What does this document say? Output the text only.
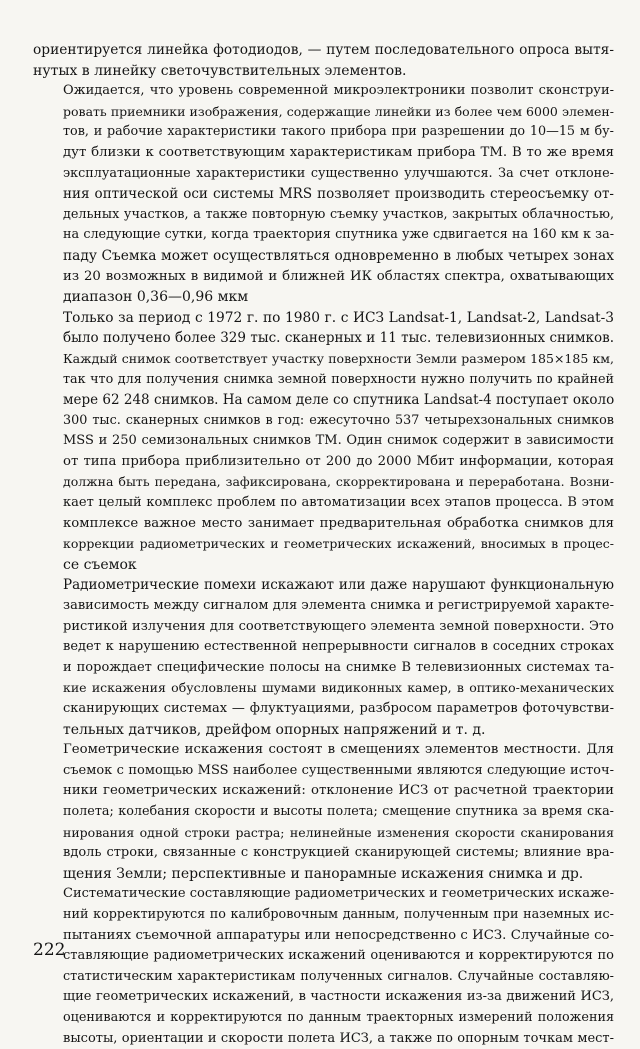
ориентируется линейка фотодиодов, — путем последовательного опроса вытя-
нутых в линейку светочувствительных элементов.
Ожидается, что уровень современной микроэлектроники позволит сконструи-
ровать приемники изображения, содержащие линейки из более чем 6000 элемен-
тов, и рабочие характеристики такого прибора при разрешении до 10—15 м бу-
дут близки к соответствующим характеристикам прибора ТМ. В то же время
эксплуатационные характеристики существенно улучшаются. За счет отклоне-
ния оптической оси системы MRS позволяет производить стереосъемку от-
дельных участков, а также повторную съемку участков, закрытых облачностью,
на следующие сутки, когда траектория спутника уже сдвигается на 160 км к за-
паду Съемка может осуществляться одновременно в любых четырех зонах
из 20 возможных в видимой и ближней ИК областях спектра, охватывающих
диапазон 0,36—0,96 мкм
Только за период с 1972 г. по 1980 г. с ИСЗ Landsat-1, Landsat-2, Landsat-3
было получено более 329 тыс. сканерных и 11 тыс. телевизионных снимков.
Каждый снимок соответствует участку поверхности Земли размером 185×185 км,
так что для получения снимка земной поверхности нужно получить по крайней
мере 62 248 снимков. На самом деле со спутника Landsat-4 поступает около
300 тыс. сканерных снимков в год: ежесуточно 537 четырехзональных снимков
MSS и 250 семизональных снимков ТМ. Один снимок содержит в зависимости
от типа прибора приблизительно от 200 до 2000 Мбит информации, которая
должна быть передана, зафиксирована, скорректирована и переработана. Возни-
кает целый комплекс проблем по автоматизации всех этапов процесса. В этом
комплексе важное место занимает предварительная обработка снимков для
коррекции радиометрических и геометрических искажений, вносимых в процес-
се съемок
Радиометрические помехи искажают или даже нарушают функциональную
зависимость между сигналом для элемента снимка и регистрируемой характе-
ристикой излучения для соответствующего элемента земной поверхности. Это
ведет к нарушению естественной непрерывности сигналов в соседних строках
и порождает специфические полосы на снимке В телевизионных системах та-
кие искажения обусловлены шумами видиконных камер, в оптико-механических
сканирующих системах — флуктуациями, разбросом параметров фоточувстви-
тельных датчиков, дрейфом опорных напряжений и т. д.
Геометрические искажения состоят в смещениях элементов местности. Для
съемок с помощью MSS наиболее существенными являются следующие источ-
ники геометрических искажений: отклонение ИСЗ от расчетной траектории
полета; колебания скорости и высоты полета; смещение спутника за время ска-
нирования одной строки растра; нелинейные изменения скорости сканирования
вдоль строки, связанные с конструкцией сканирующей системы; влияние вра-
щения Земли; перспективные и панорамные искажения снимка и др.
Систематические составляющие радиометрических и геометрических искаже-
ний корректируются по калибровочным данным, полученным при наземных ис-
пытаниях съемочной аппаратуры или непосредственно с ИСЗ. Случайные со-
ставляющие радиометрических искажений оцениваются и корректируются по
статистическим характеристикам полученных сигналов. Случайные составляю-
щие геометрических искажений, в частности искажения из-за движений ИСЗ,
оцениваются и корректируются по данным траекторных измерений положения
высоты, ориентации и скорости полета ИСЗ, а также по опорным точкам мест-
222
